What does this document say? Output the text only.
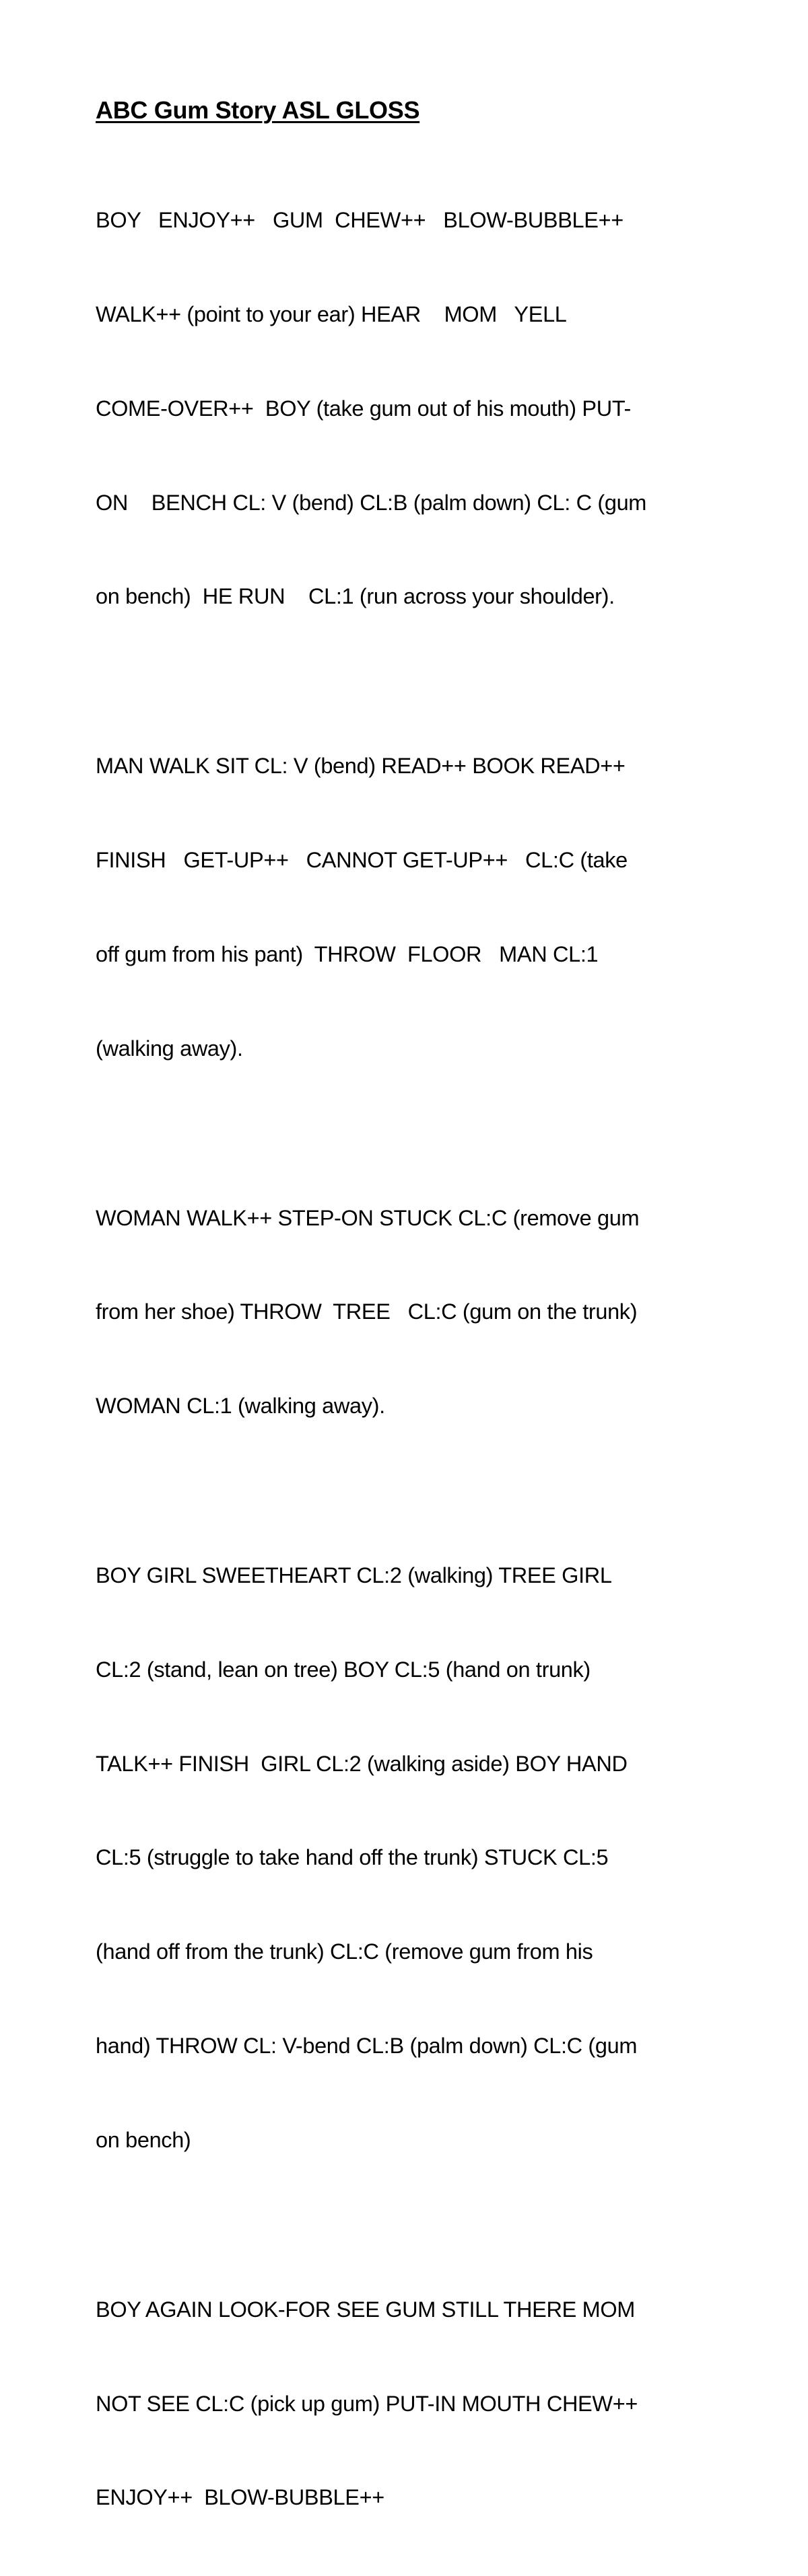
ABC Gum Story ASL GLOSS

BOY   ENJOY++   GUM  CHEW++   BLOW-BUBBLE++

WALK++ (point to your ear) HEAR    MOM   YELL

COME-OVER++  BOY (take gum out of his mouth) PUT-

ON    BENCH CL: V (bend) CL:B (palm down) CL: C (gum

on bench)  HE RUN    CL:1 (run across your shoulder).

MAN WALK SIT CL: V (bend) READ++ BOOK READ++

FINISH   GET-UP++   CANNOT GET-UP++   CL:C (take

off gum from his pant)  THROW  FLOOR   MAN CL:1

(walking away).

WOMAN WALK++ STEP-ON STUCK CL:C (remove gum

from her shoe) THROW  TREE   CL:C (gum on the trunk)

WOMAN CL:1 (walking away).

BOY GIRL SWEETHEART CL:2 (walking) TREE GIRL

CL:2 (stand, lean on tree) BOY CL:5 (hand on trunk)

TALK++ FINISH  GIRL CL:2 (walking aside) BOY HAND

CL:5 (struggle to take hand off the trunk) STUCK CL:5

(hand off from the trunk) CL:C (remove gum from his

hand) THROW CL: V-bend CL:B (palm down) CL:C (gum

on bench)

BOY AGAIN LOOK-FOR SEE GUM STILL THERE MOM

NOT SEE CL:C (pick up gum) PUT-IN MOUTH CHEW++

ENJOY++  BLOW-BUBBLE++
